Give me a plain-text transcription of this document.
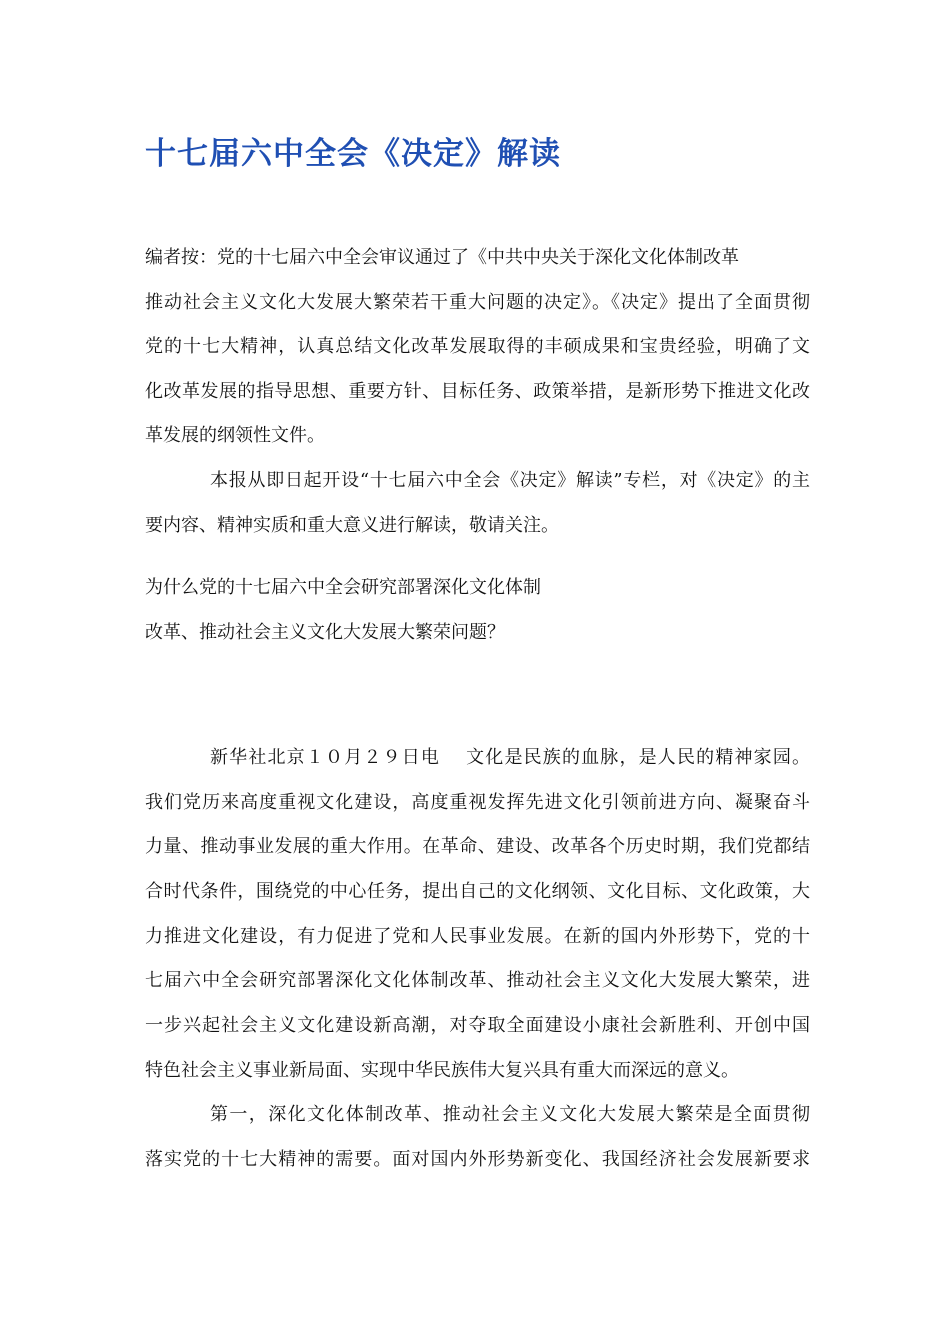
十七届六中全会《决定》解读

编者按：党的十七届六中全会审议通过了《中共中央关于深化文化体制改革

推动社会主义文化大发展大繁荣若干重大问题的决定》。《决定》提出了全面贯彻

党的十七大精神，认真总结文化改革发展取得的丰硕成果和宝贵经验，明确了文

化改革发展的指导思想、重要方针、目标任务、政策举措，是新形势下推进文化改

革发展的纲领性文件。

本报从即日起开设“十七届六中全会《决定》解读”专栏，对《决定》的主

要内容、精神实质和重大意义进行解读，敬请关注。

为什么党的十七届六中全会研究部署深化文化体制

改革、推动社会主义文化大发展大繁荣问题？

新华社北京１０月２９日电　 文化是民族的血脉，是人民的精神家园。

我们党历来高度重视文化建设，高度重视发挥先进文化引领前进方向、凝聚奋斗

力量、推动事业发展的重大作用。在革命、建设、改革各个历史时期，我们党都结

合时代条件，围绕党的中心任务，提出自己的文化纲领、文化目标、文化政策，大

力推进文化建设，有力促进了党和人民事业发展。在新的国内外形势下，党的十

七届六中全会研究部署深化文化体制改革、推动社会主义文化大发展大繁荣，进

一步兴起社会主义文化建设新高潮，对夺取全面建设小康社会新胜利、开创中国

特色社会主义事业新局面、实现中华民族伟大复兴具有重大而深远的意义。

第一，深化文化体制改革、推动社会主义文化大发展大繁荣是全面贯彻

落实党的十七大精神的需要。面对国内外形势新变化、我国经济社会发展新要求
